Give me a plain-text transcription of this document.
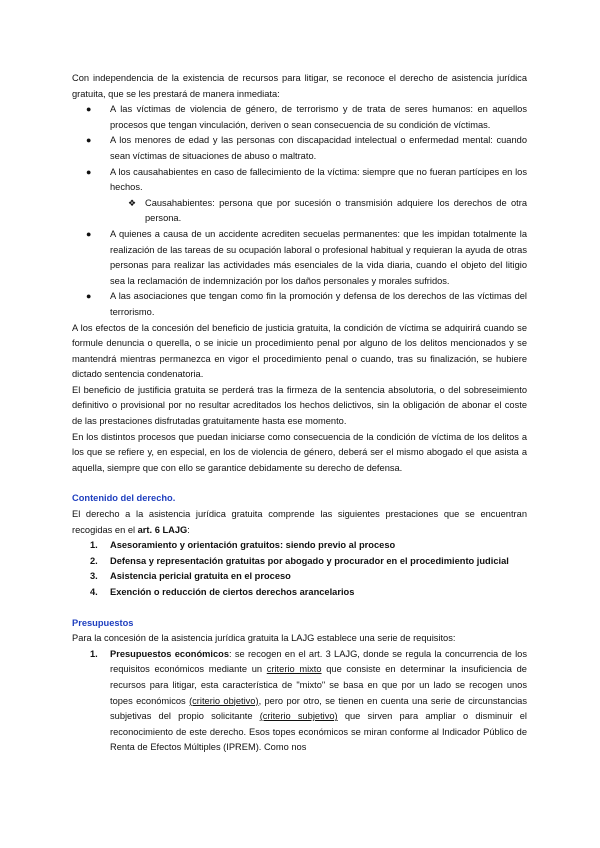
Con independencia de la existencia de recursos para litigar, se reconoce el derecho de asistencia jurídica gratuita, que se les prestará de manera inmediata:

● A las víctimas de violencia de género, de terrorismo y de trata de seres humanos: en aquellos procesos que tengan vinculación, deriven o sean consecuencia de su condición de víctimas.
● A los menores de edad y las personas con discapacidad intelectual o enfermedad mental: cuando sean víctimas de situaciones de abuso o maltrato.
● A los causahabientes en caso de fallecimiento de la víctima: siempre que no fueran partícipes en los hechos.
❖ Causahabientes: persona que por sucesión o transmisión adquiere los derechos de otra persona.
● A quienes a causa de un accidente acrediten secuelas permanentes: que les impidan totalmente la realización de las tareas de su ocupación laboral o profesional habitual y requieran la ayuda de otras personas para realizar las actividades más esenciales de la vida diaria, cuando el objeto del litigio sea la reclamación de indemnización por los daños personales y morales sufridos.
● A las asociaciones que tengan como fin la promoción y defensa de los derechos de las víctimas del terrorismo.

A los efectos de la concesión del beneficio de justicia gratuita, la condición de víctima se adquirirá cuando se formule denuncia o querella, o se inicie un procedimiento penal por alguno de los delitos mencionados y se mantendrá mientras permanezca en vigor el procedimiento penal o cuando, tras su finalización, se hubiere dictado sentencia condenatoria.

El beneficio de justificia gratuita se perderá tras la firmeza de la sentencia absolutoria, o del sobreseimiento definitivo o provisional por no resultar acreditados los hechos delictivos, sin la obligación de abonar el coste de las prestaciones disfrutadas gratuitamente hasta ese momento.

En los distintos procesos que puedan iniciarse como consecuencia de la condición de víctima de los delitos a los que se refiere y, en especial, en los de violencia de género, deberá ser el mismo abogado el que asista a aquella, siempre que con ello se garantice debidamente su derecho de defensa.

Contenido del derecho.

El derecho a la asistencia jurídica gratuita comprende las siguientes prestaciones que se encuentran recogidas en el art. 6 LAJG:

1. Asesoramiento y orientación gratuitos: siendo previo al proceso
2. Defensa y representación gratuitas por abogado y procurador en el procedimiento judicial
3. Asistencia pericial gratuita en el proceso
4. Exención o reducción de ciertos derechos arancelarios

Presupuestos

Para la concesión de la asistencia jurídica gratuita la LAJG establece una serie de requisitos:

1. Presupuestos económicos: se recogen en el art. 3 LAJG, donde se regula la concurrencia de los requisitos económicos mediante un criterio mixto que consiste en determinar la insuficiencia de recursos para litigar, esta característica de "mixto" se basa en que por un lado se recogen unos topes económicos (criterio objetivo), pero por otro, se tienen en cuenta una serie de circunstancias subjetivas del propio solicitante (criterio subjetivo) que sirven para ampliar o disminuir el reconocimiento de este derecho. Esos topes económicos se miran conforme al Indicador Público de Renta de Efectos Múltiples (IPREM). Como nos
